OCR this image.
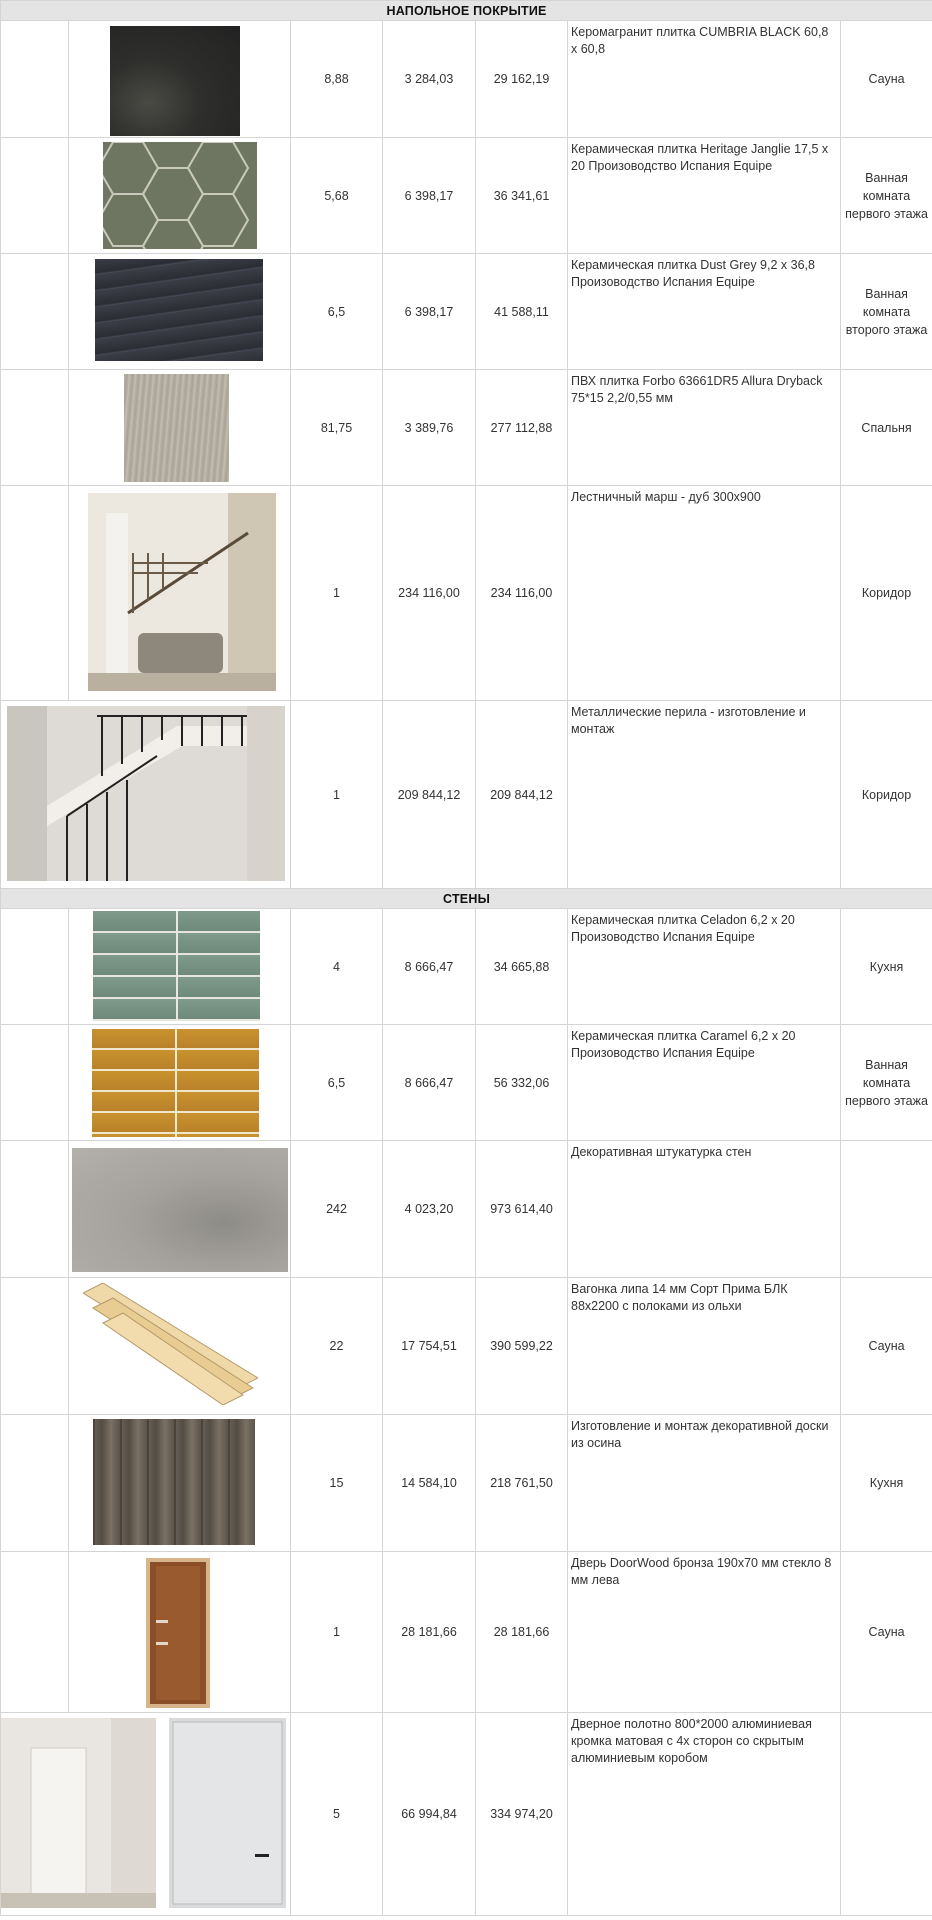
НАПОЛЬНОЕ ПОКРЫТИЕ						

	8,88	3 284,03	29 162,19	Керомагранит плитка CUMBRIA BLACK 60,8 x 60,8	Сауна

	5,68	6 398,17	36 341,61	Керамическая плитка Heritage Janglie 17,5 x 20 Произоводство Испания Equipe	Ванная комната первого этажа

	6,5	6 398,17	41 588,11	Керамическая плитка Dust Grey 9,2 x 36,8 Произоводство Испания Equipe	Ванная комната второго этажа

	81,75	3 389,76	277 112,88	ПВХ плитка Forbo 63661DR5 Allura Dryback 75*15 2,2/0,55 мм	Спальня

	1	234 116,00	234 116,00	Лестничный марш - дуб 300х900	Коридор

	1	209 844,12	209 844,12	Металлические перила - изготовление и монтаж	Коридор
СТЕНЫ						

	4	8 666,47	34 665,88	Керамическая плитка Celadon 6,2 x 20 Произоводство Испания Equipe	Кухня

	6,5	8 666,47	56 332,06	Керамическая плитка Caramel 6,2 x 20 Произоводство Испания Equipe	Ванная комната первого этажа

	242	4 023,20	973 614,40	Декоративная штукатурка стен	

	22	17 754,51	390 599,22	Вагонка липа 14 мм Сорт Прима БЛК 88х2200 с полоками из ольхи	Сауна

	15	14 584,10	218 761,50	Изготовление и монтаж декоративной доски из осина	Кухня

	1	28 181,66	28 181,66	Дверь DoorWood бронза 190х70 мм стекло 8 мм лева	Сауна

	5	66 994,84	334 974,20	Дверное полотно 800*2000 алюминиевая кромка матовая с 4х сторон со скрытым алюминиевым коробом	
